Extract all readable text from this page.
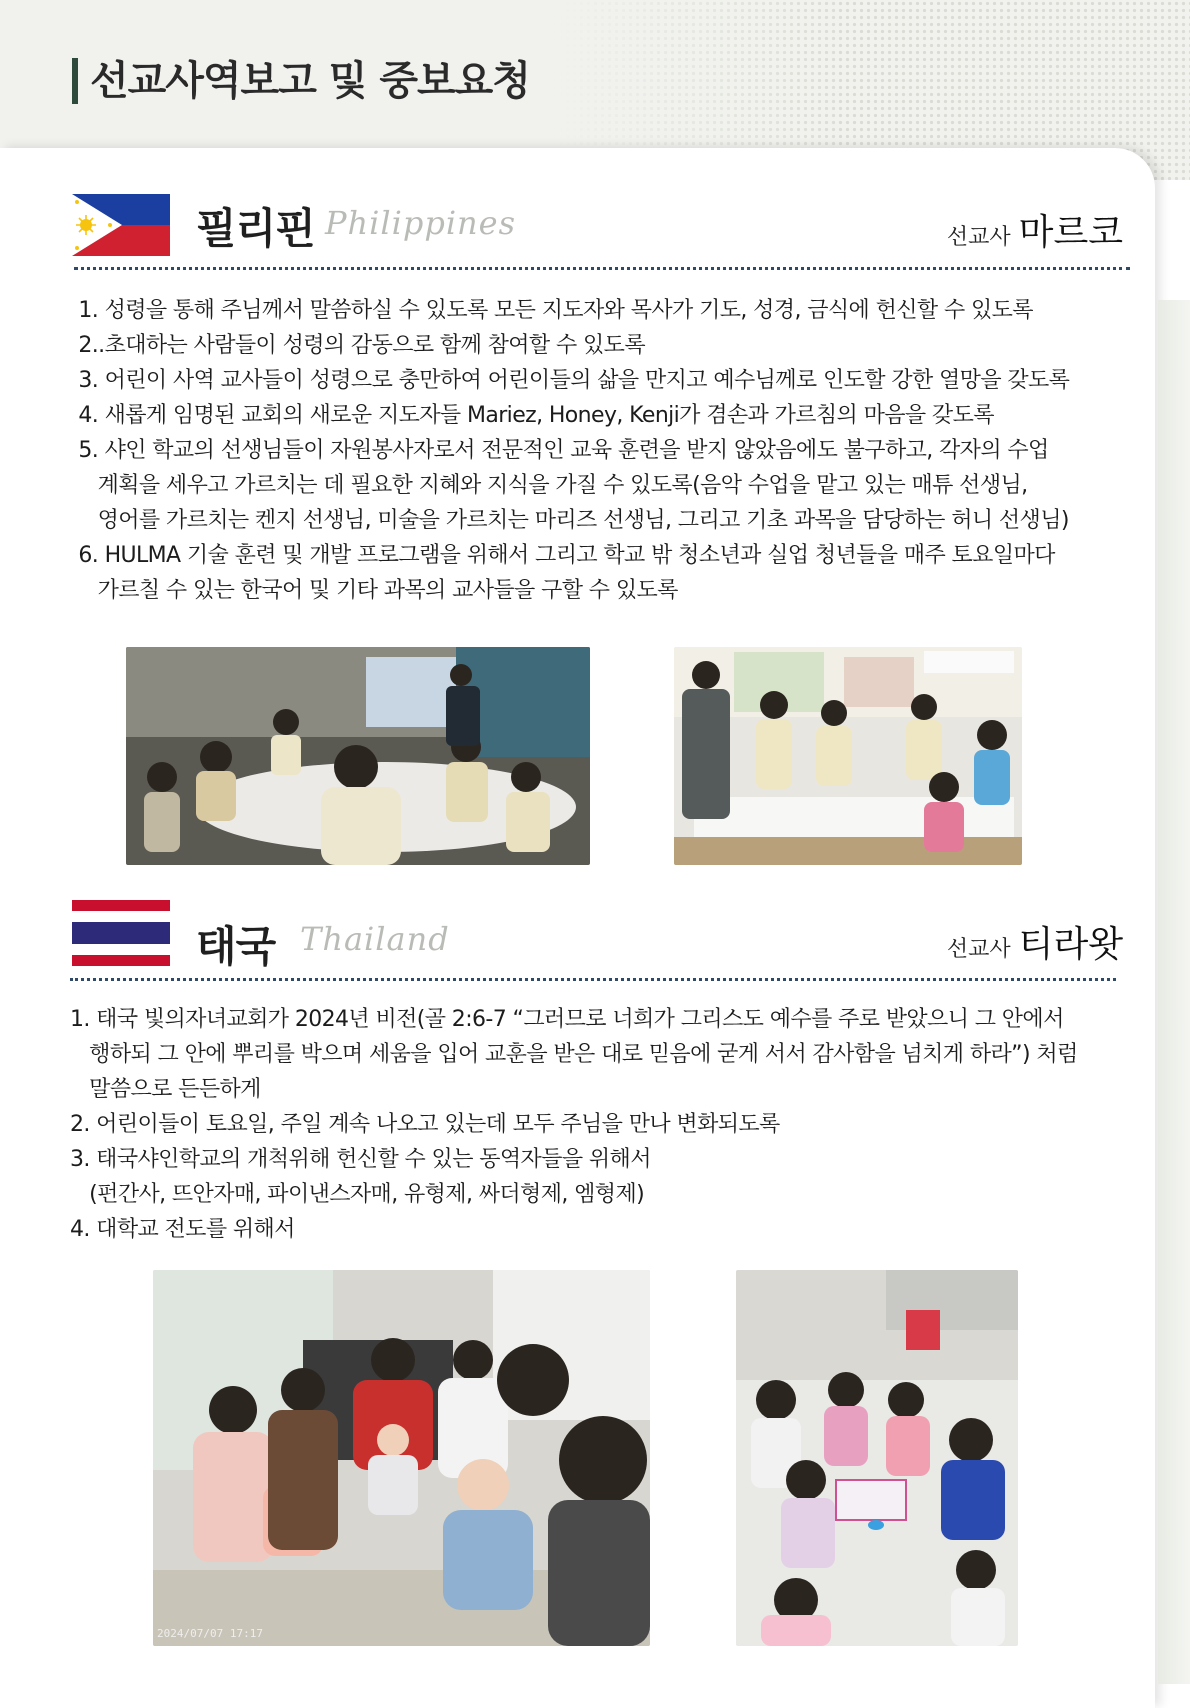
선교사역보고 및 중보요청
필리핀 Philippines	선교사 마르코
1. 성령을 통해 주님께서 말씀하실 수 있도록 모든 지도자와 목사가 기도, 성경, 금식에 헌신할 수 있도록
2..초대하는 사람들이 성령의 감동으로 함께 참여할 수 있도록
3. 어린이 사역 교사들이 성령으로 충만하여 어린이들의 삶을 만지고 예수님께로 인도할 강한 열망을 갖도록
4. 새롭게 임명된 교회의 새로운 지도자들 Mariez, Honey, Kenji가 겸손과 가르침의 마음을 갖도록
5. 샤인 학교의 선생님들이 자원봉사자로서 전문적인 교육 훈련을 받지 않았음에도 불구하고, 각자의 수업
계획을 세우고 가르치는 데 필요한 지혜와 지식을 가질 수 있도록(음악 수업을 맡고 있는 매튜 선생님,
영어를 가르치는 켄지 선생님, 미술을 가르치는 마리즈 선생님, 그리고 기초 과목을 담당하는 허니 선생님)
6. HULMA 기술 훈련 및 개발 프로그램을 위해서 그리고 학교 밖 청소년과 실업 청년들을 매주 토요일마다
가르칠 수 있는 한국어 및 기타 과목의 교사들을 구할 수 있도록
태국 Thailand	선교사 티라왓
1. 태국 빛의자녀교회가 2024년 비전(골 2:6-7 “그러므로 너희가 그리스도 예수를 주로 받았으니 그 안에서
행하되 그 안에 뿌리를 박으며 세움을 입어 교훈을 받은 대로 믿음에 굳게 서서 감사함을 넘치게 하라”) 처럼
말씀으로 든든하게
2. 어린이들이 토요일, 주일 계속 나오고 있는데 모두 주님을 만나 변화되도록
3. 태국샤인학교의 개척위해 헌신할 수 있는 동역자들을 위해서
(펀간사, 뜨안자매, 파이낸스자매, 유형제, 싸더형제, 엠형제)
4. 대학교 전도를 위해서
2024/07/07 17:17
